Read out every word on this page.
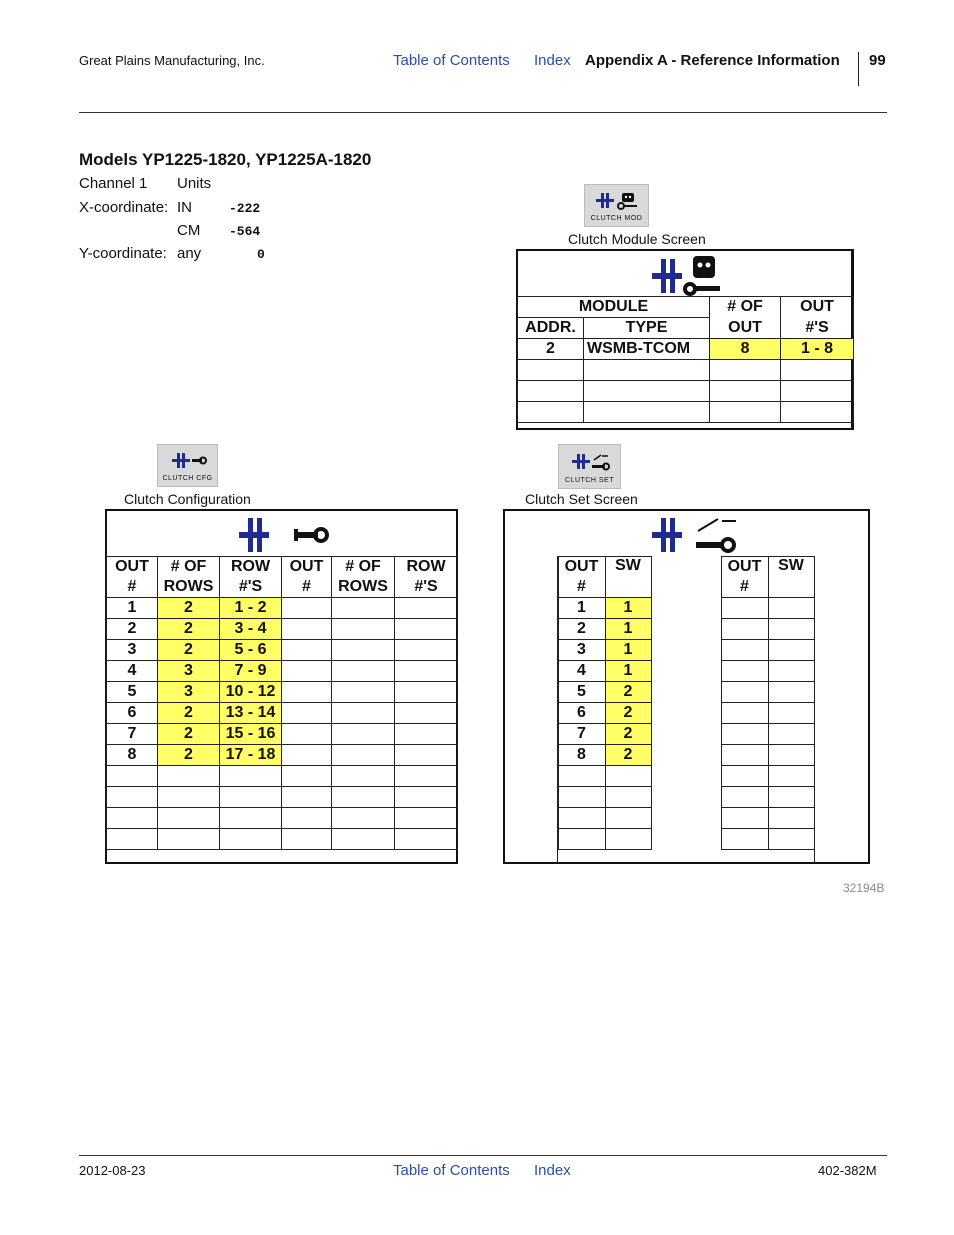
Great Plains Manufacturing, Inc.	Table of Contents Index Appendix A - Reference Information 99
Models YP1225-1820, YP1225A-1820
Channel 1 Units
X-coordinate: IN	-222
CM -564
Y-coordinate: any	0
CLUTCH MOD
Clutch Module Screen
MODULE		# OF	OUT
ADDR.	TYPE	OUT	#'S
2	WSMB-TCOM	8	1 - 8

CLUTCH CFG
Clutch Configuration
OUT	# OF	ROW	OUT	# OF	ROW
#	ROWS	#'S	#	ROWS	#'S
1	2	1 - 2			
2	2	3 - 4			
3	2	5 - 6			
4	3	7 - 9			
5	3	10 - 12			
6	2	13 - 14			
7	2	15 - 16			
8	2	17 - 18			

CLUTCH SET
Clutch Set Screen
	OUT	SW		OUT	SW	
	#			#		
	1	1				
	2	1				
	3	1				
	4	1				
	5	2				
	6	2				
	7	2				
	8	2				

32194B
2012-08-23	Table of Contents Index	402-382M
